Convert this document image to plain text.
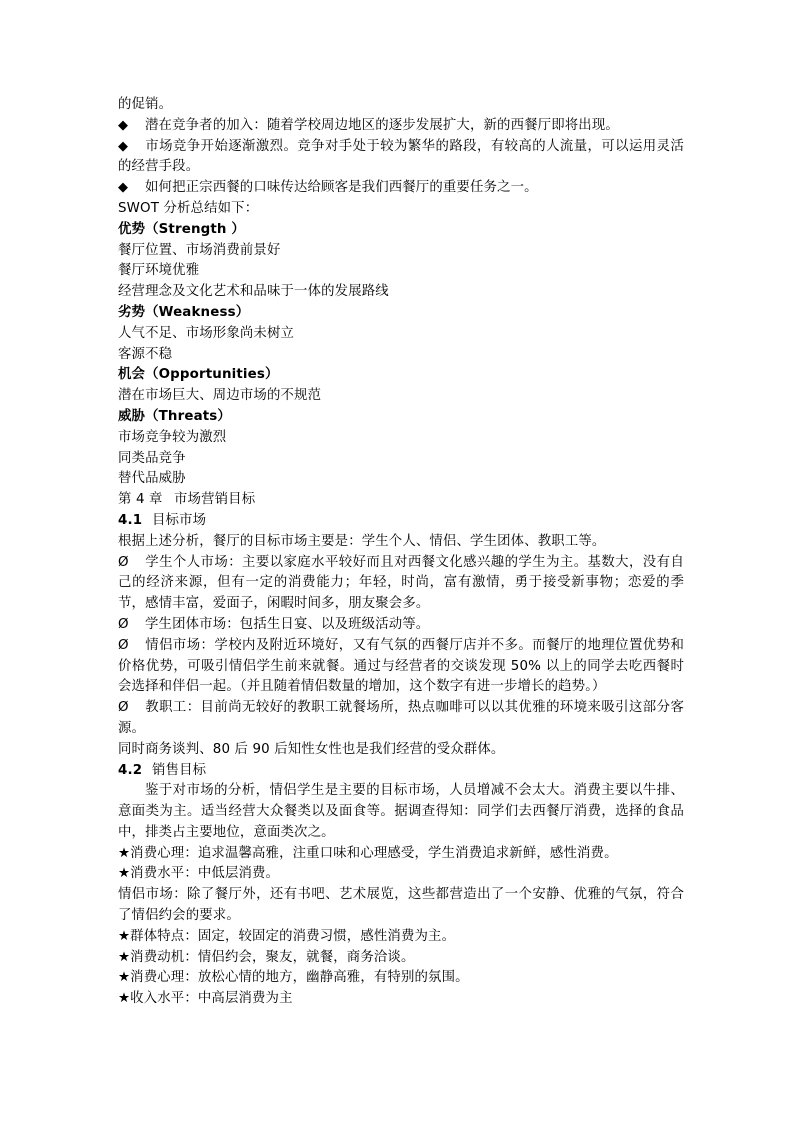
的促销。
◆ 潜在竞争者的加入：随着学校周边地区的逐步发展扩大，新的西餐厅即将出现。
◆ 市场竞争开始逐渐激烈。竞争对手处于较为繁华的路段，有较高的人流量，可以运用灵活的经营手段。
◆ 如何把正宗西餐的口味传达给顾客是我们西餐厅的重要任务之一。
SWOT 分析总结如下：
优势（Strength ）
餐厅位置、市场消费前景好
餐厅环境优雅
经营理念及文化艺术和品味于一体的发展路线
劣势（Weakness）
人气不足、市场形象尚未树立
客源不稳
机会（Opportunities）
潜在市场巨大、周边市场的不规范
威胁（Threats）
市场竞争较为激烈
同类品竞争
替代品威胁
第 4 章 市场营销目标
4.1 目标市场
根据上述分析，餐厅的目标市场主要是：学生个人、情侣、学生团体、教职工等。
Ø 学生个人市场：主要以家庭水平较好而且对西餐文化感兴趣的学生为主。基数大，没有自己的经济来源，但有一定的消费能力；年轻，时尚，富有激情，勇于接受新事物；恋爱的季节，感情丰富，爱面子，闲暇时间多，朋友聚会多。
Ø 学生团体市场：包括生日宴、以及班级活动等。
Ø 情侣市场：学校内及附近环境好，又有气氛的西餐厅店并不多。而餐厅的地理位置优势和价格优势，可吸引情侣学生前来就餐。通过与经营者的交谈发现 50% 以上的同学去吃西餐时会选择和伴侣一起。（并且随着情侣数量的增加，这个数字有进一步增长的趋势。）
Ø 教职工：目前尚无较好的教职工就餐场所，热点咖啡可以以其优雅的环境来吸引这部分客源。
同时商务谈判、80 后 90 后知性女性也是我们经营的受众群体。
4.2 销售目标
鉴于对市场的分析，情侣学生是主要的目标市场，人员增减不会太大。消费主要以牛排、意面类为主。适当经营大众餐类以及面食等。据调查得知：同学们去西餐厅消费，选择的食品中，排类占主要地位，意面类次之。
★消费心理：追求温馨高雅，注重口味和心理感受，学生消费追求新鲜，感性消费。
★消费水平：中低层消费。
情侣市场：除了餐厅外，还有书吧、艺术展览，这些都营造出了一个安静、优雅的气氛，符合了情侣约会的要求。
★群体特点：固定，较固定的消费习惯，感性消费为主。
★消费动机：情侣约会，聚友，就餐，商务洽谈。
★消费心理：放松心情的地方，幽静高雅，有特别的氛围。
★收入水平：中高层消费为主
